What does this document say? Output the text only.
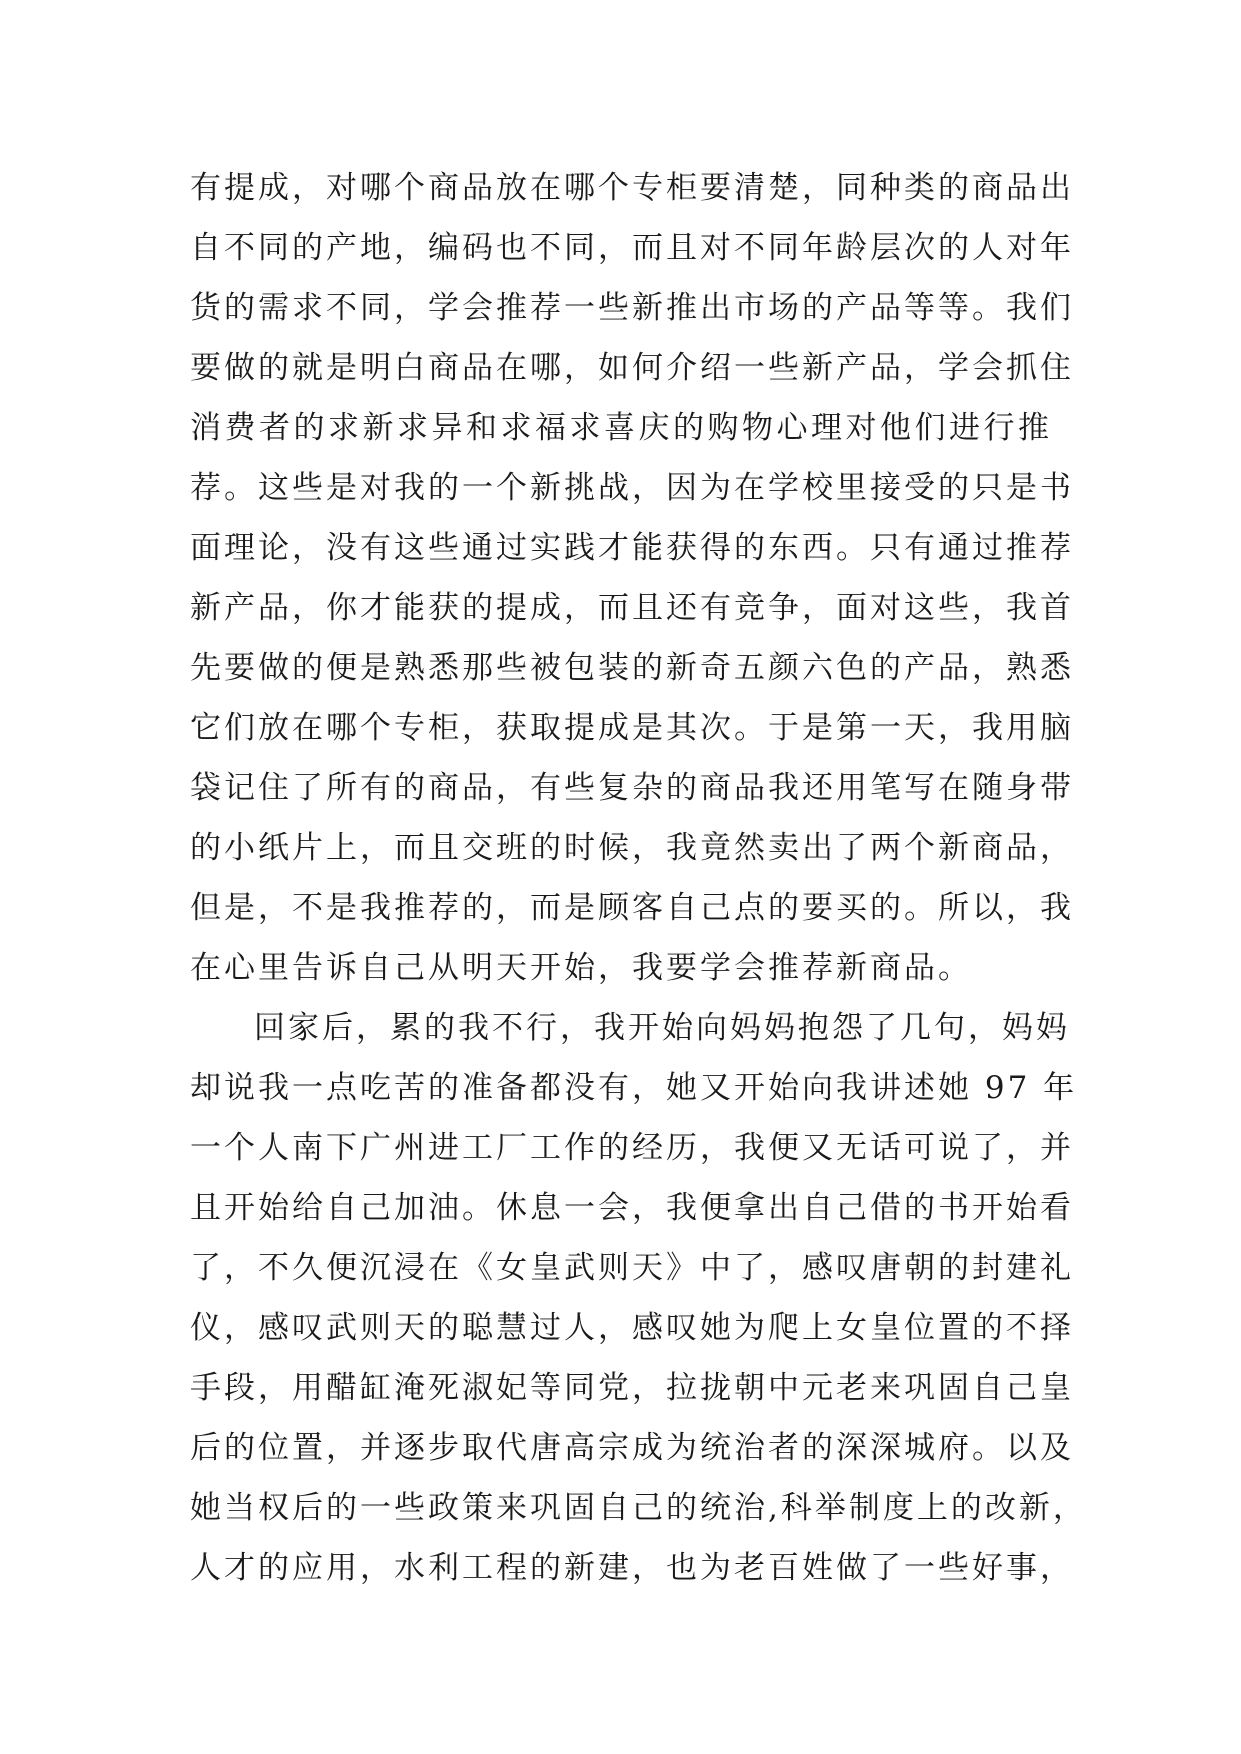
有提成，对哪个商品放在哪个专柜要清楚，同种类的商品出
自不同的产地，编码也不同，而且对不同年龄层次的人对年
货的需求不同，学会推荐一些新推出市场的产品等等。我们
要做的就是明白商品在哪，如何介绍一些新产品，学会抓住
消费者的求新求异和求福求喜庆的购物心理对他们进行推
荐。这些是对我的一个新挑战，因为在学校里接受的只是书
面理论，没有这些通过实践才能获得的东西。只有通过推荐
新产品，你才能获的提成，而且还有竞争，面对这些，我首
先要做的便是熟悉那些被包装的新奇五颜六色的产品，熟悉
它们放在哪个专柜，获取提成是其次。于是第一天，我用脑
袋记住了所有的商品，有些复杂的商品我还用笔写在随身带
的小纸片上，而且交班的时候，我竟然卖出了两个新商品，
但是，不是我推荐的，而是顾客自己点的要买的。所以，我
在心里告诉自己从明天开始，我要学会推荐新商品。
回家后，累的我不行，我开始向妈妈抱怨了几句，妈妈
却说我一点吃苦的准备都没有，她又开始向我讲述她 97 年
一个人南下广州进工厂工作的经历，我便又无话可说了，并
且开始给自己加油。休息一会，我便拿出自己借的书开始看
了，不久便沉浸在《女皇武则天》中了，感叹唐朝的封建礼
仪，感叹武则天的聪慧过人，感叹她为爬上女皇位置的不择
手段，用醋缸淹死淑妃等同党，拉拢朝中元老来巩固自己皇
后的位置，并逐步取代唐高宗成为统治者的深深城府。以及
她当权后的一些政策来巩固自己的统治,科举制度上的改新，
人才的应用，水利工程的新建，也为老百姓做了一些好事，
